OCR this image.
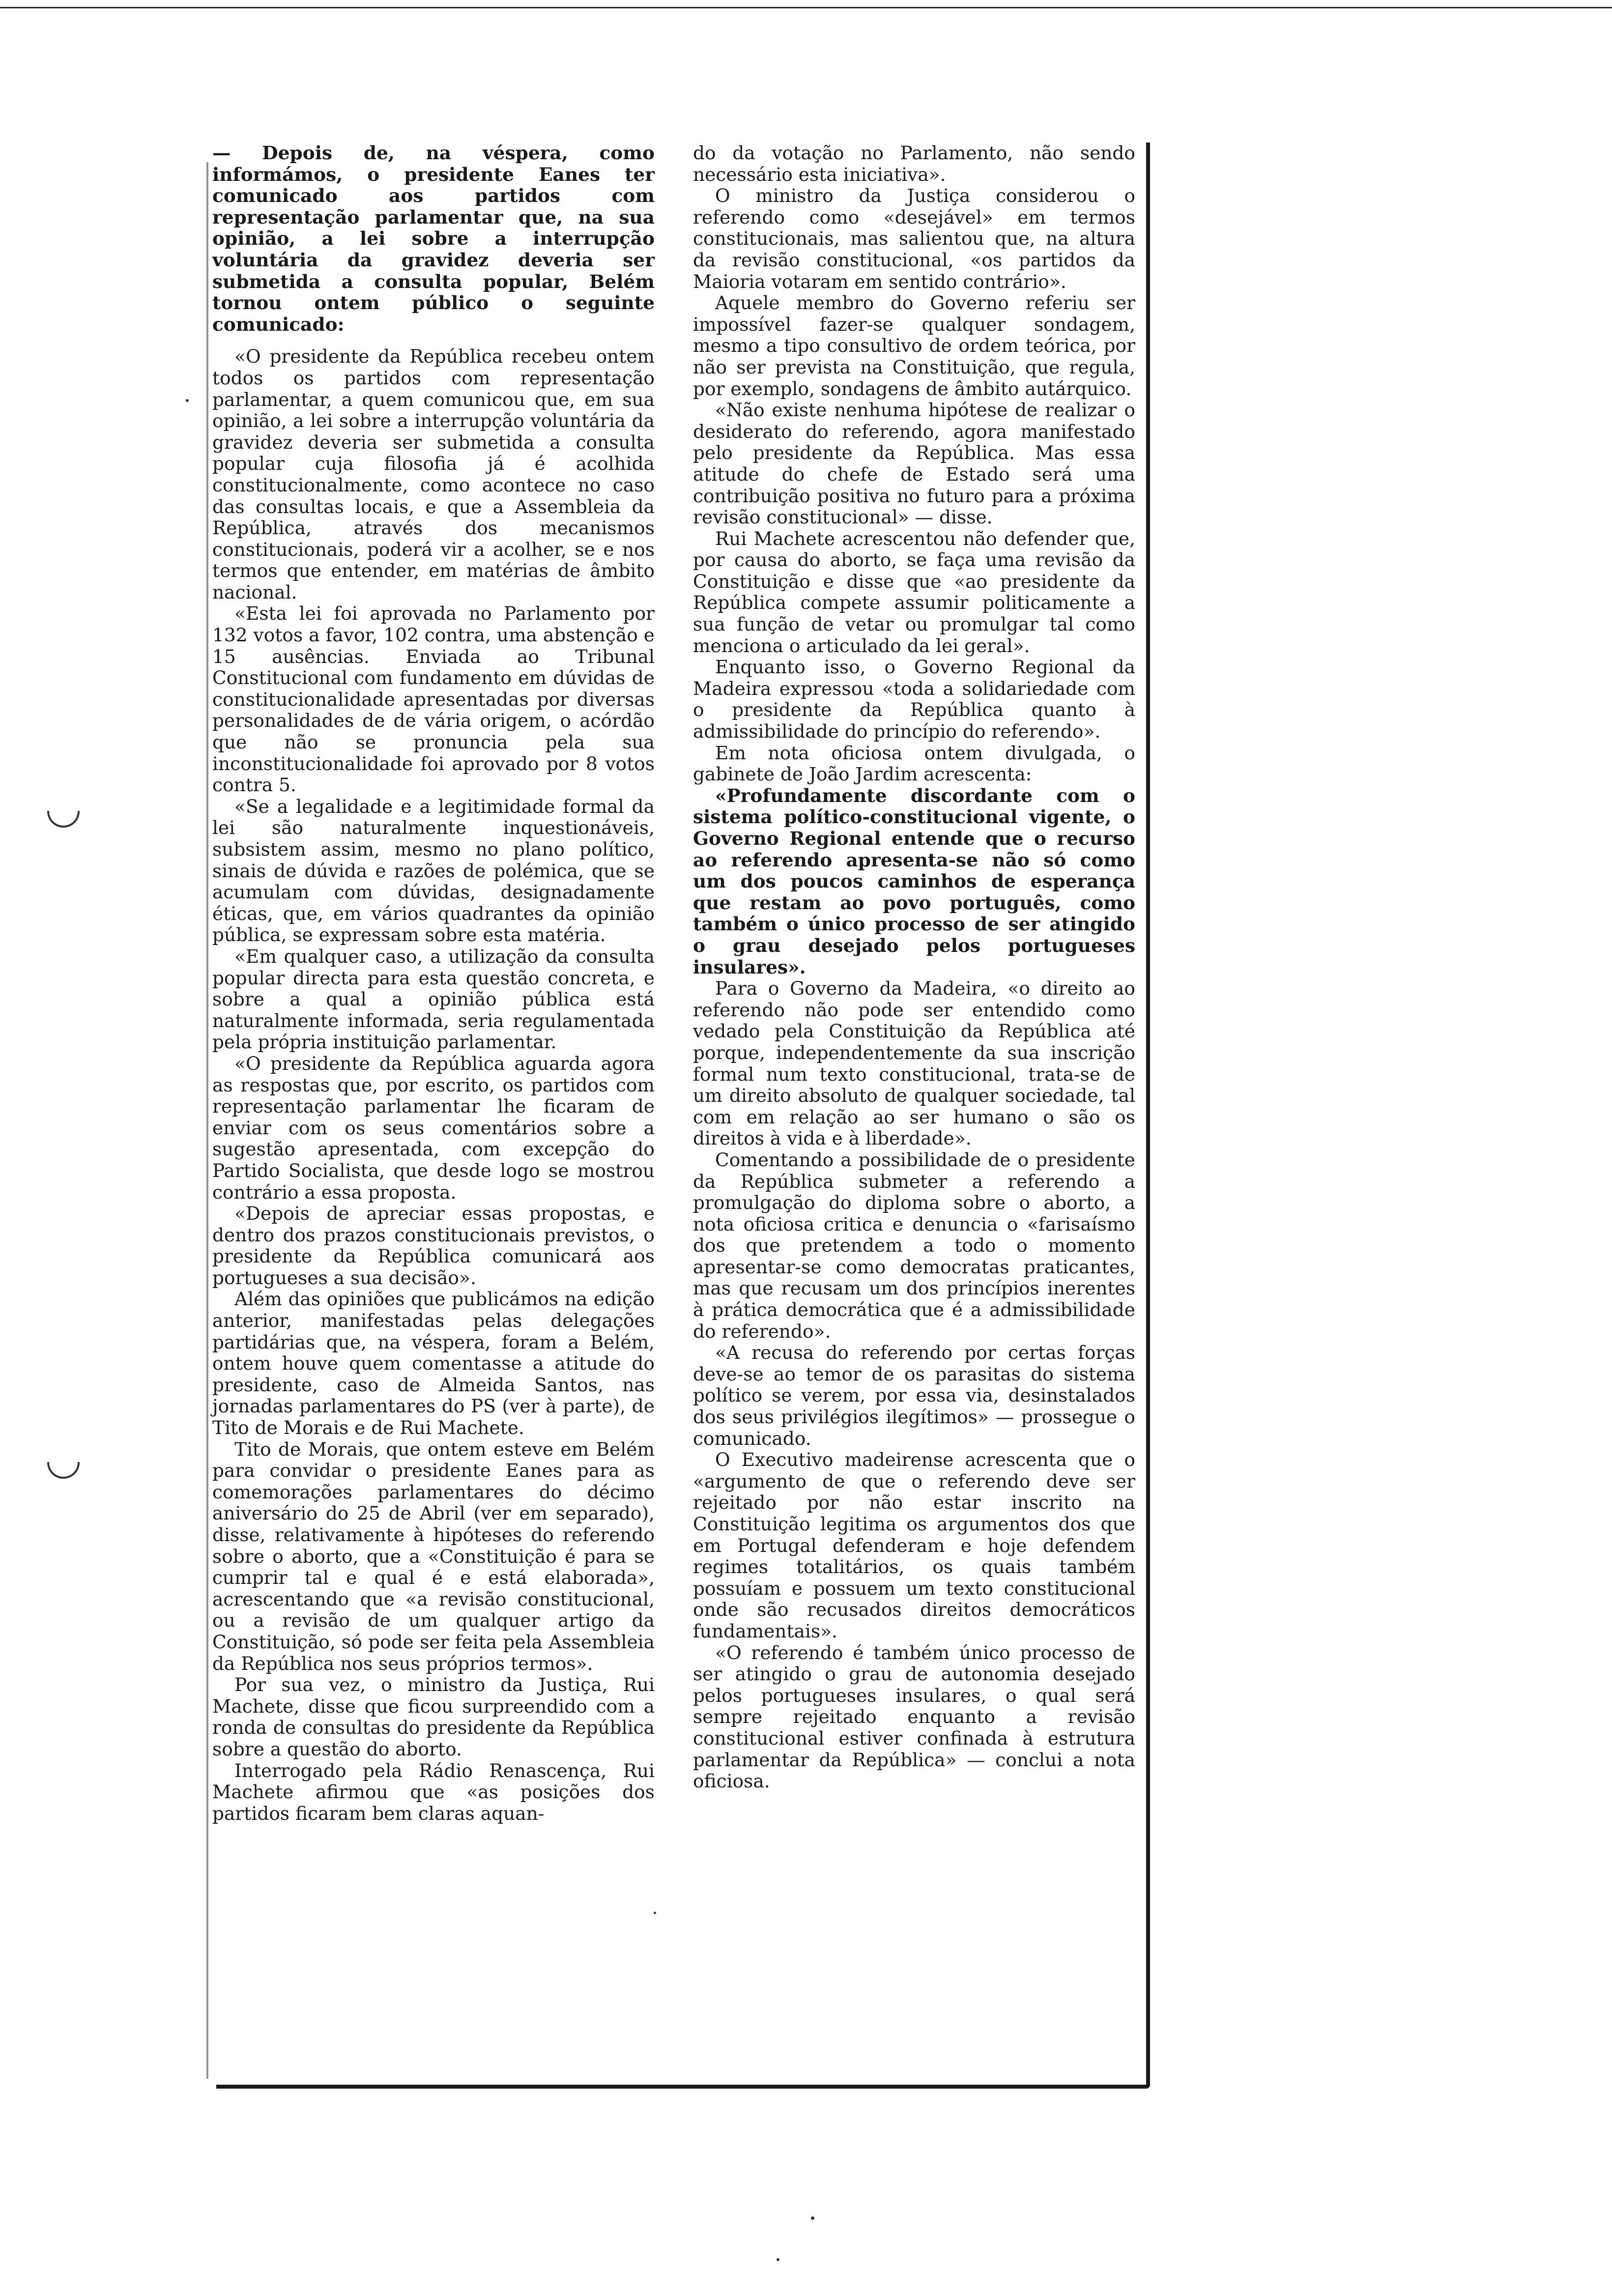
— Depois de, na véspera, como informámos, o presidente Eanes ter comunicado aos partidos com representação parlamentar que, na sua opinião, a lei sobre a interrupção voluntária da gravidez deveria ser submetida a consulta popular, Belém tornou ontem público o seguinte comunicado:

«O presidente da República recebeu ontem todos os partidos com representação parlamentar, a quem comunicou que, em sua opinião, a lei sobre a interrupção voluntária da gravidez deveria ser submetida a consulta popular cuja filosofia já é acolhida constitucionalmente, como acontece no caso das consultas locais, e que a Assembleia da República, através dos mecanismos constitucionais, poderá vir a acolher, se e nos termos que entender, em matérias de âmbito nacional.

«Esta lei foi aprovada no Parlamento por 132 votos a favor, 102 contra, uma abstenção e 15 ausências. Enviada ao Tribunal Constitucional com fundamento em dúvidas de constitucionalidade apresentadas por diversas personalidades de de vária origem, o acórdão que não se pronuncia pela sua inconstitucionalidade foi aprovado por 8 votos contra 5.

«Se a legalidade e a legitimidade formal da lei são naturalmente inquestionáveis, subsistem assim, mesmo no plano político, sinais de dúvida e razões de polémica, que se acumulam com dúvidas, designadamente éticas, que, em vários quadrantes da opinião pública, se expressam sobre esta matéria.

«Em qualquer caso, a utilização da consulta popular directa para esta questão concreta, e sobre a qual a opinião pública está naturalmente informada, seria regulamentada pela própria instituição parlamentar.

«O presidente da República aguarda agora as respostas que, por escrito, os partidos com representação parlamentar lhe ficaram de enviar com os seus comentários sobre a sugestão apresentada, com excepção do Partido Socialista, que desde logo se mostrou contrário a essa proposta.

«Depois de apreciar essas propostas, e dentro dos prazos constitucionais previstos, o presidente da República comunicará aos portugueses a sua decisão».

Além das opiniões que publicámos na edição anterior, manifestadas pelas delegações partidárias que, na véspera, foram a Belém, ontem houve quem comentasse a atitude do presidente, caso de Almeida Santos, nas jornadas parlamentares do PS (ver à parte), de Tito de Morais e de Rui Machete.

Tito de Morais, que ontem esteve em Belém para convidar o presidente Eanes para as comemorações parlamentares do décimo aniversário do 25 de Abril (ver em separado), disse, relativamente à hipóteses do referendo sobre o aborto, que a «Constituição é para se cumprir tal e qual é e está elaborada», acrescentando que «a revisão constitucional, ou a revisão de um qualquer artigo da Constituição, só pode ser feita pela Assembleia da República nos seus próprios termos».

Por sua vez, o ministro da Justiça, Rui Machete, disse que ficou surpreendido com a ronda de consultas do presidente da República sobre a questão do aborto.

Interrogado pela Rádio Renascença, Rui Machete afirmou que «as posições dos partidos ficaram bem claras aquan-

do da votação no Parlamento, não sendo necessário esta iniciativa».

O ministro da Justiça considerou o referendo como «desejável» em termos constitucionais, mas salientou que, na altura da revisão constitucional, «os partidos da Maioria votaram em sentido contrário».

Aquele membro do Governo referiu ser impossível fazer-se qualquer sondagem, mesmo a tipo consultivo de ordem teórica, por não ser prevista na Constituição, que regula, por exemplo, sondagens de âmbito autárquico.

«Não existe nenhuma hipótese de realizar o desiderato do referendo, agora manifestado pelo presidente da República. Mas essa atitude do chefe de Estado será uma contribuição positiva no futuro para a próxima revisão constitucional» — disse.

Rui Machete acrescentou não defender que, por causa do aborto, se faça uma revisão da Constituição e disse que «ao presidente da República compete assumir politicamente a sua função de vetar ou promulgar tal como menciona o articulado da lei geral».

Enquanto isso, o Governo Regional da Madeira expressou «toda a solidariedade com o presidente da República quanto à admissibilidade do princípio do referendo».

Em nota oficiosa ontem divulgada, o gabinete de João Jardim acrescenta:

«Profundamente discordante com o sistema político-constitucional vigente, o Governo Regional entende que o recurso ao referendo apresenta-se não só como um dos poucos caminhos de esperança que restam ao povo português, como também o único processo de ser atingido o grau desejado pelos portugueses insulares».

Para o Governo da Madeira, «o direito ao referendo não pode ser entendido como vedado pela Constituição da República até porque, independentemente da sua inscrição formal num texto constitucional, trata-se de um direito absoluto de qualquer sociedade, tal com em relação ao ser humano o são os direitos à vida e à liberdade».

Comentando a possibilidade de o presidente da República submeter a referendo a promulgação do diploma sobre o aborto, a nota oficiosa critica e denuncia o «farisaísmo dos que pretendem a todo o momento apresentar-se como democratas praticantes, mas que recusam um dos princípios inerentes à prática democrática que é a admissibilidade do referendo».

«A recusa do referendo por certas forças deve-se ao temor de os parasitas do sistema político se verem, por essa via, desinstalados dos seus privilégios ilegítimos» — prossegue o comunicado.

O Executivo madeirense acrescenta que o «argumento de que o referendo deve ser rejeitado por não estar inscrito na Constituição legitima os argumentos dos que em Portugal defenderam e hoje defendem regimes totalitários, os quais também possuíam e possuem um texto constitucional onde são recusados direitos democráticos fundamentais».

«O referendo é também único processo de ser atingido o grau de autonomia desejado pelos portugueses insulares, o qual será sempre rejeitado enquanto a revisão constitucional estiver confinada à estrutura parlamentar da República» — conclui a nota oficiosa.
